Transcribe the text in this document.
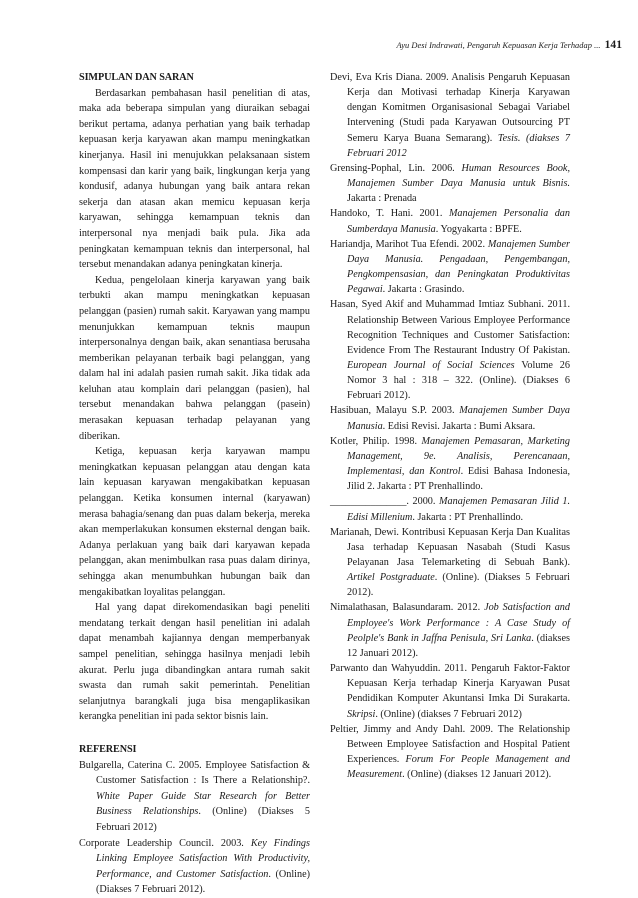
Ayu Desi Indrawati, Pengaruh Kepuasan Kerja Terhadap ... 141

SIMPULAN DAN SARAN

Berdasarkan pembahasan hasil penelitian di atas, maka ada beberapa simpulan yang diuraikan sebagai berikut pertama, adanya perhatian yang baik terhadap kepuasan kerja karyawan akan mampu meningkatkan kinerjanya. Hasil ini menujukkan pelaksanaan sistem kompensasi dan karir yang baik, lingkungan kerja yang kondusif, adanya hubungan yang baik antara rekan sekerja dan atasan akan memicu kepuasan kerja karyawan, sehingga kemampuan teknis dan interpersonal nya menjadi baik pula. Jika ada peningkatan kemampuan teknis dan interpersonal, hal tersebut menandakan adanya peningkatan kinerja.

Kedua, pengelolaan kinerja karyawan yang baik terbukti akan mampu meningkatkan kepuasan pelanggan (pasien) rumah sakit. Karyawan yang mampu menunjukkan kemampuan teknis maupun interpersonalnya dengan baik, akan senantiasa berusaha memberikan pelayanan terbaik bagi pelanggan, yang dalam hal ini adalah pasien rumah sakit. Jika tidak ada keluhan atau komplain dari pelanggan (pasien), hal tersebut menandakan bahwa pelanggan (pasein) merasakan kepuasan terhadap pelayanan yang diberikan.

Ketiga, kepuasan kerja karyawan mampu meningkatkan kepuasan pelanggan atau dengan kata lain kepuasan karyawan mengakibatkan kepuasan pelanggan. Ketika konsumen internal (karyawan) merasa bahagia/senang dan puas dalam bekerja, mereka akan memperlakukan konsumen eksternal dengan baik. Adanya perlakuan yang baik dari karyawan kepada pelanggan, akan menimbulkan rasa puas dalam dirinya, sehingga akan menumbuhkan hubungan baik dan mengakibatkan loyalitas pelanggan.

Hal yang dapat direkomendasikan bagi peneliti mendatang terkait dengan hasil penelitian ini adalah dapat menambah kajiannya dengan memperbanyak sampel penelitian, sehingga hasilnya menjadi lebih akurat. Perlu juga dibandingkan antara rumah sakit swasta dan rumah sakit pemerintah. Penelitian selanjutnya barangkali juga bisa mengaplikasikan kerangka penelitian ini pada sektor bisnis lain.

REFERENSI

Bulgarella, Caterina C. 2005. Employee Satisfaction & Customer Satisfaction : Is There a Relationship?. White Paper Guide Star Research for Better Business Relationships. (Online) (Diakses 5 Februari 2012)

Corporate Leadership Council. 2003. Key Findings Linking Employee Satisfaction With Productivity, Performance, and Customer Satisfaction. (Online) (Diakses 7 Februari 2012).

Devi, Eva Kris Diana. 2009. Analisis Pengaruh Kepuasan Kerja dan Motivasi terhadap Kinerja Karyawan dengan Komitmen Organisasional Sebagai Variabel Intervening (Studi pada Karyawan Outsourcing PT Semeru Karya Buana Semarang). Tesis. (diakses 7 Februari 2012

Grensing-Pophal, Lin. 2006. Human Resources Book, Manajemen Sumber Daya Manusia untuk Bisnis. Jakarta : Prenada

Handoko, T. Hani. 2001. Manajemen Personalia dan Sumberdaya Manusia. Yogyakarta : BPFE.

Hariandja, Marihot Tua Efendi. 2002. Manajemen Sumber Daya Manusia. Pengadaan, Pengembangan, Pengkompensasian, dan Peningkatan Produktivitas Pegawai. Jakarta : Grasindo.

Hasan, Syed Akif and Muhammad Imtiaz Subhani. 2011. Relationship Between Various Employee Performance Recognition Techniques and Customer Satisfaction: Evidence From The Restaurant Industry Of Pakistan. European Journal of Social Sciences Volume 26 Nomor 3 hal : 318 – 322. (Online). (Diakses 6 Februari 2012).

Hasibuan, Malayu S.P. 2003. Manajemen Sumber Daya Manusia. Edisi Revisi. Jakarta : Bumi Aksara.

Kotler, Philip. 1998. Manajemen Pemasaran, Marketing Management, 9e. Analisis, Perencanaan, Implementasi, dan Kontrol. Edisi Bahasa Indonesia, Jilid 2. Jakarta : PT Prenhallindo.

_______________. 2000. Manajemen Pemasaran Jilid 1. Edisi Millenium. Jakarta : PT Prenhallindo.

Marianah, Dewi. Kontribusi Kepuasan Kerja Dan Kualitas Jasa terhadap Kepuasan Nasabah (Studi Kasus Pelayanan Jasa Telemarketing di Sebuah Bank). Artikel Postgraduate. (Online). (Diakses 5 Februari 2012).

Nimalathasan, Balasundaram. 2012. Job Satisfaction and Employee's Work Performance : A Case Study of Peolple's Bank in Jaffna Penisula, Sri Lanka. (diakses 12 Januari 2012).

Parwanto dan Wahyuddin. 2011. Pengaruh Faktor-Faktor Kepuasan Kerja terhadap Kinerja Karyawan Pusat Pendidikan Komputer Akuntansi Imka Di Surakarta. Skripsi. (Online) (diakses 7 Februari 2012)

Peltier, Jimmy and Andy Dahl. 2009. The Relationship Between Employee Satisfaction and Hospital Patient Experiences. Forum For People Management and Measurement. (Online) (diakses 12 Januari 2012).
